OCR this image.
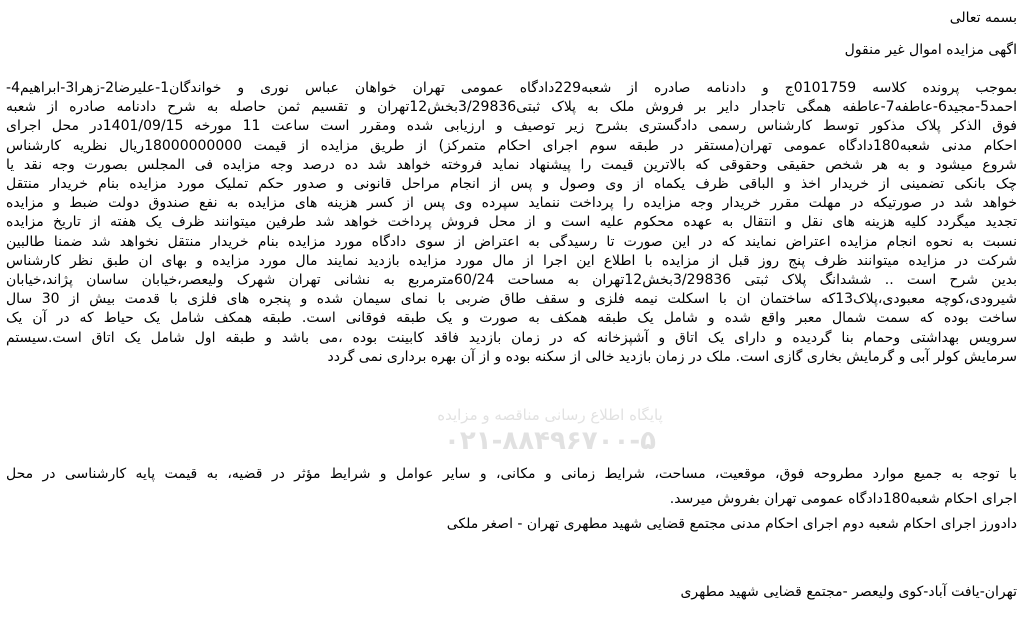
بسمه تعالی
اگهی مزایده اموال غیر منقول
بموجب پرونده کلاسه 0101759ج و دادنامه صادره از شعبه229دادگاه عمومی تهران خواهان عباس نوری و خواندگان1-علیرضا2-زهرا3-ابراهیم4-
احمد5-مجید6-عاطفه7-عاطفه همگی تاجدار دایر بر فروش ملک به پلاک ثبتی3/29836بخش12تهران و تقسیم ثمن حاصله به شرح دادنامه صادره از شعبه
فوق الذکر پلاک مذکور توسط کارشناس رسمی دادگستری بشرح زیر توصیف و ارزیابی شده ومقرر است ساعت 11 مورخه 1401/09/15در محل اجرای
احکام مدنی شعبه180دادگاه عمومی تهران(مستقر در طبقه سوم اجرای احکام متمرکز) از طریق مزایده از قیمت 18000000000ریال نظریه کارشناس
شروع میشود و به هر شخص حقیقی وحقوقی که بالاترین قیمت را پیشنهاد نماید فروخته خواهد شد ده درصد وجه مزایده فی المجلس بصورت وجه نقد یا
چک بانکی تضمینی از خریدار اخذ و الباقی ظرف یکماه از وی وصول و پس از انجام مراحل قانونی و صدور حکم تملیک مورد مزایده بنام خریدار منتقل
خواهد شد در صورتیکه در مهلت مقرر خریدار وجه مزایده را پرداخت ننماید سپرده وی پس از کسر هزینه های مزایده به نفع صندوق دولت ضبط و مزایده
تجدید میگردد کلیه هزینه های نقل و انتقال به عهده محکوم علیه است و از محل فروش پرداخت خواهد شد طرفین میتوانند ظرف یک هفته از تاریخ مزایده
نسبت به نحوه انجام مزایده اعتراض نمایند که در این صورت تا رسیدگی به اعتراض از سوی دادگاه مورد مزایده بنام خریدار منتقل نخواهد شد ضمنا طالبین
شرکت در مزایده میتوانند ظرف پنج روز قبل از مزایده با اطلاع این اجرا از مال مورد مزایده بازدید نمایند مال مورد مزایده و بهای ان طبق نظر کارشناس
بدین شرح است .. ششدانگ پلاک ثبتی 3/29836بخش12تهران به مساحت 60/24مترمربع به نشانی تهران شهرک ولیعصر،خیابان ساسان پژاند،خیابان
شیرودی،کوچه معبودی،پلاک13که ساختمان ان با اسکلت نیمه فلزی و سقف طاق ضربی با نمای سیمان شده و پنجره های فلزی با قدمت بیش از 30 سال
ساخت بوده که سمت شمال معبر واقع شده و شامل یک طبقه همکف به صورت و یک طبقه فوقانی است. طبقه همکف شامل یک حیاط که در آن یک
سرویس بهداشتی وحمام بنا گردیده و دارای یک اتاق و آشپزخانه که در زمان بازدید فاقد کابینت بوده ،می باشد و طبقه اول شامل یک اتاق است.سیستم
سرمایش کولر آبی و گرمایش بخاری گازی است. ملک در زمان بازدید خالی از سکنه بوده و از آن بهره برداری نمی گردد
با توجه به جمیع موارد مطروحه فوق، موقعیت، مساحت، شرایط زمانی و مکانی، و سایر عوامل و شرایط مؤثر در قضیه، به قیمت پایه کارشناسی در محل
اجرای احکام شعبه180دادگاه عمومی تهران بفروش میرسد.
دادورز اجرای احکام شعبه دوم اجرای احکام مدنی مجتمع قضایی شهید مطهری تهران - اصغر ملکی
تهران-یافت آباد-کوی ولیعصر -مجتمع قضایی شهید مطهری
پایگاه اطلاع رسانی مناقصه و مزایده
۰۲۱-۸۸۴۹۶۷۰۰-۵
